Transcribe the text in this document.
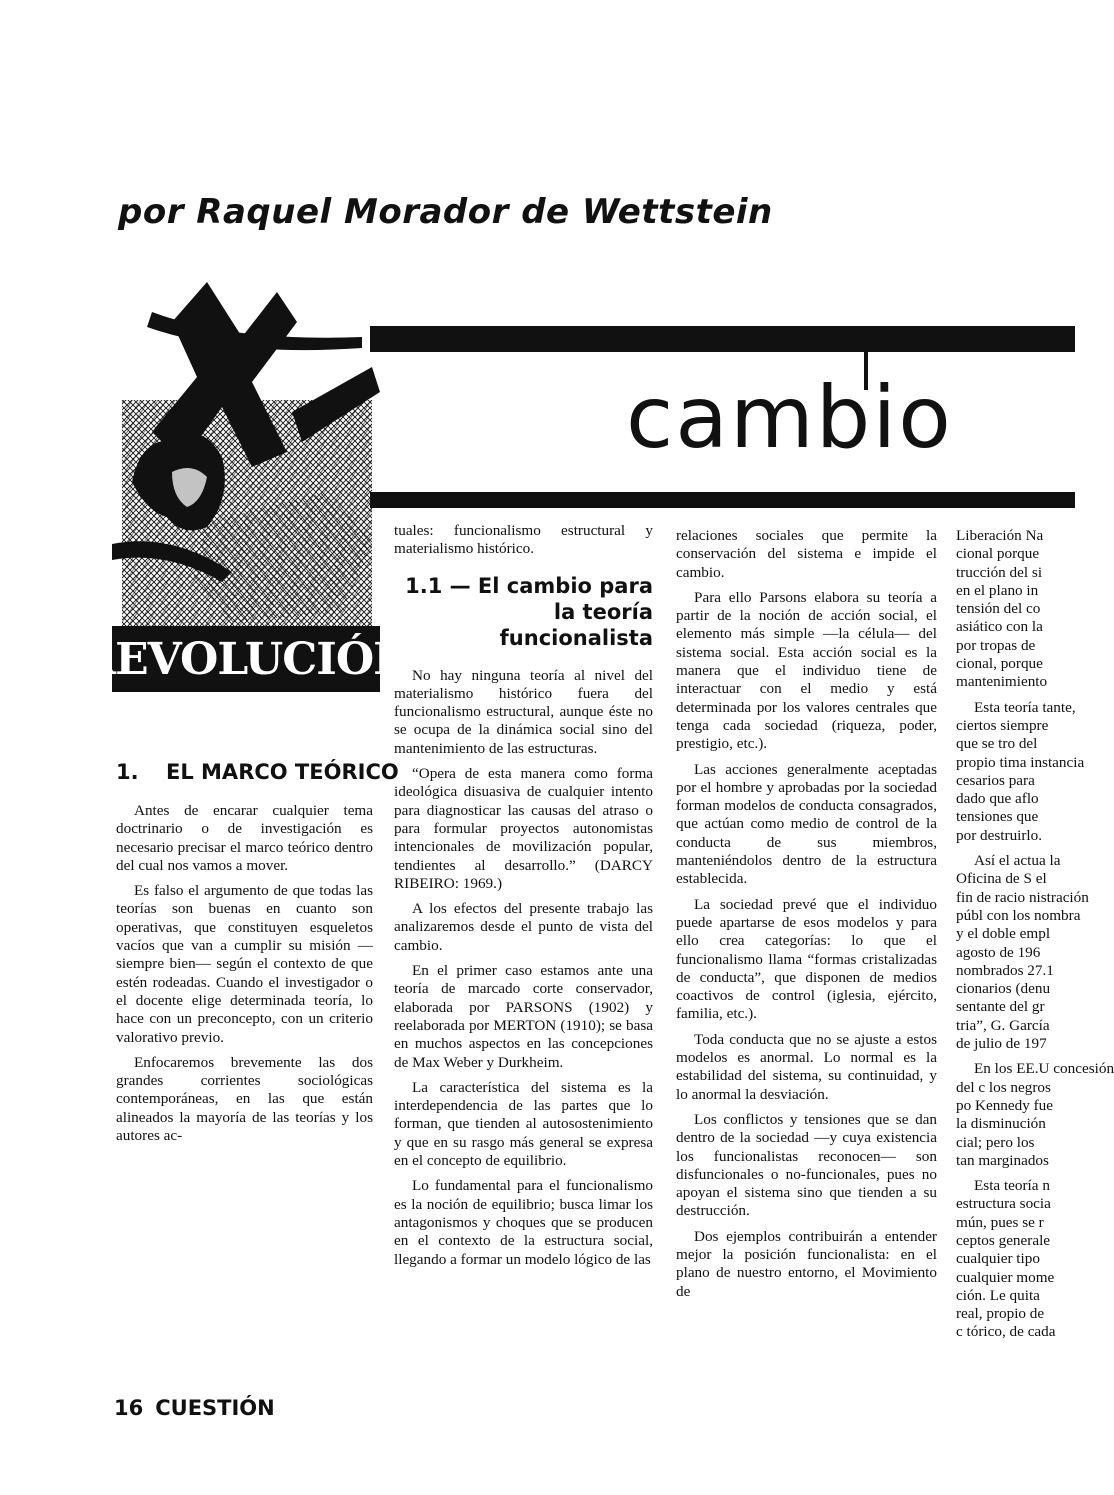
por Raquel Morador de Wettstein
REVOLUCIÓN
cambio
1. EL MARCO TEÓRICO

Antes de encarar cualquier tema doctrinario o de investigación es necesario precisar el marco teórico dentro del cual nos vamos a mover.

Es falso el argumento de que todas las teorías son buenas en cuanto son operativas, que constituyen esqueletos vacíos que van a cumplir su misión —siempre bien— según el contexto de que estén rodeadas. Cuando el investigador o el docente elige determinada teoría, lo hace con un preconcepto, con un criterio valorativo previo.

Enfocaremos brevemente las dos grandes corrientes sociológicas contemporáneas, en las que están alineados la mayoría de las teorías y los autores ac-

tuales: funcionalismo estructural y materialismo histórico.

1.1 — El cambio para la teoría funcionalista

No hay ninguna teoría al nivel del materialismo histórico fuera del funcionalismo estructural, aunque éste no se ocupa de la dinámica social sino del mantenimiento de las estructuras.

“Opera de esta manera como forma ideológica disuasiva de cualquier intento para diagnosticar las causas del atraso o para formular proyectos autonomistas intencionales de movilización popular, tendientes al desarrollo.” (DARCY RIBEIRO: 1969.)

A los efectos del presente trabajo las analizaremos desde el punto de vista del cambio.

En el primer caso estamos ante una teoría de marcado corte conservador, elaborada por PARSONS (1902) y reelaborada por MERTON (1910); se basa en muchos aspectos en las concepciones de Max Weber y Durkheim.

La característica del sistema es la interdependencia de las partes que lo forman, que tienden al autosostenimiento y que en su rasgo más general se expresa en el concepto de equilibrio.

Lo fundamental para el funcionalismo es la noción de equilibrio; busca limar los antagonismos y choques que se producen en el contexto de la estructura social, llegando a formar un modelo lógico de las

relaciones sociales que permite la conservación del sistema e impide el cambio.

Para ello Parsons elabora su teoría a partir de la noción de acción social, el elemento más simple —la célula— del sistema social. Esta acción social es la manera que el individuo tiene de interactuar con el medio y está determinada por los valores centrales que tenga cada sociedad (riqueza, poder, prestigio, etc.).

Las acciones generalmente aceptadas por el hombre y aprobadas por la sociedad forman modelos de conducta consagrados, que actúan como medio de control de la conducta de sus miembros, manteniéndolos dentro de la estructura establecida.

La sociedad prevé que el individuo puede apartarse de esos modelos y para ello crea categorías: lo que el funcionalismo llama “formas cristalizadas de conducta”, que disponen de medios coactivos de control (iglesia, ejército, familia, etc.).

Toda conducta que no se ajuste a estos modelos es anormal. Lo normal es la estabilidad del sistema, su continuidad, y lo anormal la desviación.

Los conflictos y tensiones que se dan dentro de la sociedad —y cuya existencia los funcionalistas reconocen— son disfuncionales o no-funcionales, pues no apoyan el sistema sino que tienden a su destrucción.

Dos ejemplos contribuirán a entender mejor la posición funcionalista: en el plano de nuestro entorno, el Movimiento de

Liberación Na
cional porque
trucción del si
en el plano in
tensión del co
asiático con la
por tropas de
cional, porque
mantenimiento

Esta teoría tante,
ciertos siempre
que se tro del
propio tima instancia
cesarios para
dado que aflo
tensiones que
por destruirlo.

Así el actua la
Oficina de S el
fin de racio nistración
públ con los nombra
y el doble empl
agosto de 196
nombrados 27.1
cionarios (denu
sentante del gr
tria”, G. García
de julio de 197

En los EE.U concesión
del c los negros
po Kennedy fue
la disminución
cial; pero los
tan marginados

Esta teoría n
estructura socia
mún, pues se r
ceptos generale
cualquier tipo
cualquier mome
ción. Le quita
real, propio de
c tórico, de cada

16 CUESTIÓN
